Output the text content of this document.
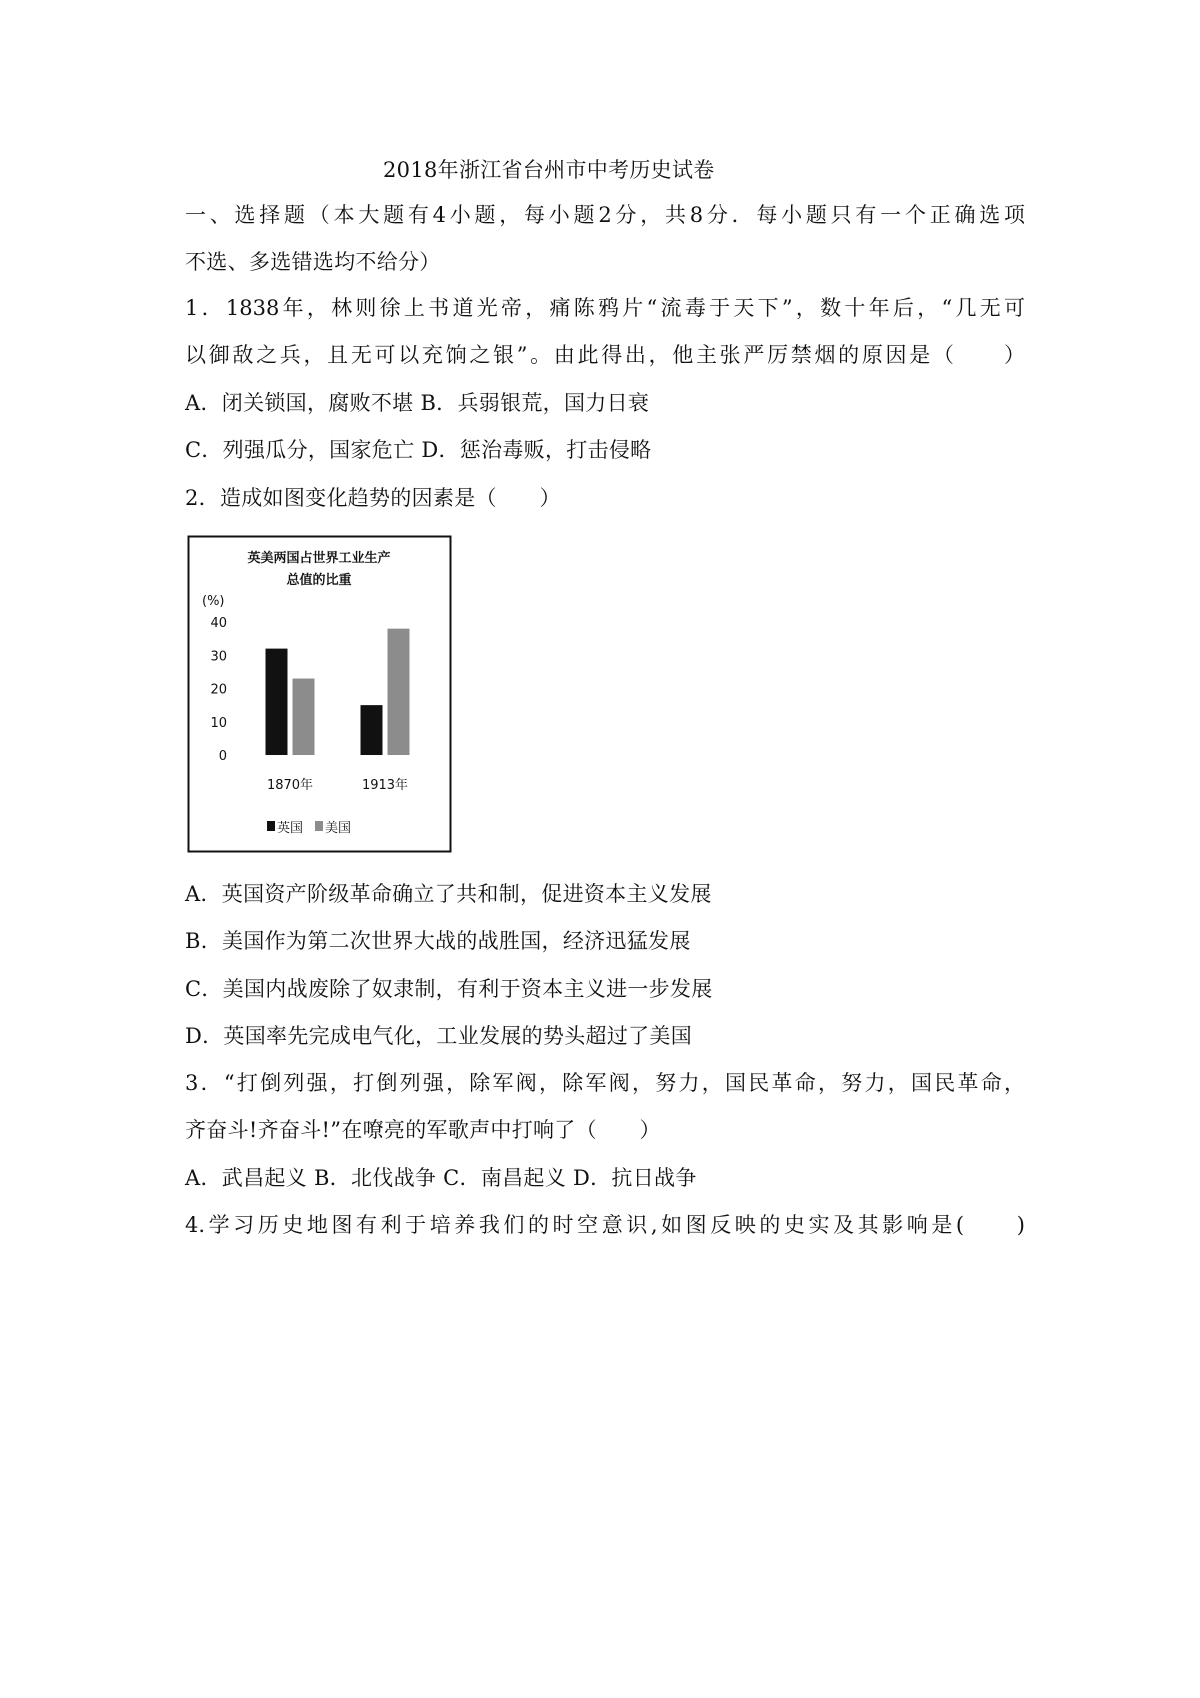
2018年浙江省台州市中考历史试卷
一、选择题（本大题有4小题，每小题2分，共8分．每小题只有一个正确选项
不选、多选错选均不给分）
1．1838年，林则徐上书道光帝，痛陈鸦片“流毒于天下”，数十年后，“几无可
以御敌之兵，且无可以充饷之银”。由此得出，他主张严厉禁烟的原因是（　　）
A．闭关锁国，腐败不堪 B．兵弱银荒，国力日衰
C．列强瓜分，国家危亡 D．惩治毒贩，打击侵略
2．造成如图变化趋势的因素是（　　）
英美两国占世界工业生产
总值的比重
(%)
40
30
20
10
0
1870年	1913年
英国 美国
A．英国资产阶级革命确立了共和制，促进资本主义发展
B．美国作为第二次世界大战的战胜国，经济迅猛发展
C．美国内战废除了奴隶制，有利于资本主义进一步发展
D．英国率先完成电气化，工业发展的势头超过了美国
3．“打倒列强，打倒列强，除军阀，除军阀，努力，国民革命，努力，国民革命，
齐奋斗!齐奋斗!”在嘹亮的军歌声中打响了（　　）
A．武昌起义 B．北伐战争 C．南昌起义 D．抗日战争
4.学习历史地图有利于培养我们的时空意识,如图反映的史实及其影响是(　　)
